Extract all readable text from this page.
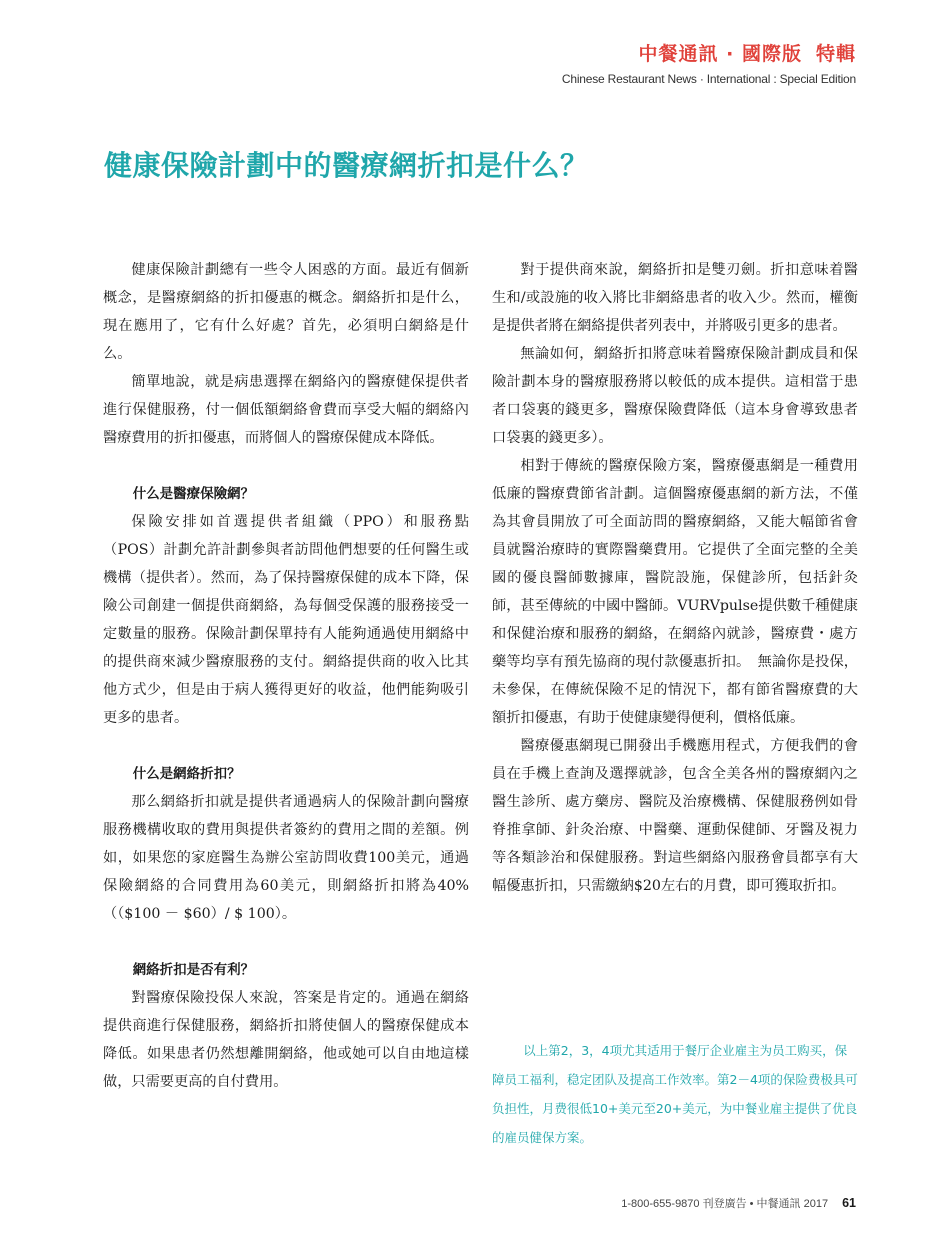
中餐通訊 · 國際版 特輯
Chinese Restaurant News · International : Special Edition
健康保險計劃中的醫療網折扣是什么？

健康保險計劃總有一些令人困惑的方面。最近有個新概念，是醫療網絡的折扣優惠的概念。網絡折扣是什么，現在應用了，它有什么好處？首先，必須明白網絡是什么。

簡單地說，就是病患選擇在網絡內的醫療健保提供者進行保健服務，付一個低額網絡會費而享受大幅的網絡內醫療費用的折扣優惠，而將個人的醫療保健成本降低。

什么是醫療保險網？

保險安排如首選提供者組織（PPO）和服務點（POS）計劃允許計劃參與者訪問他們想要的任何醫生或機構（提供者）。然而，為了保持醫療保健的成本下降，保險公司創建一個提供商網絡，為每個受保護的服務接受一定數量的服務。保險計劃保單持有人能夠通過使用網絡中的提供商來減少醫療服務的支付。網絡提供商的收入比其他方式少，但是由于病人獲得更好的收益，他們能夠吸引更多的患者。

什么是網絡折扣？

那么網絡折扣就是提供者通過病人的保險計劃向醫療服務機構收取的費用與提供者簽約的費用之間的差額。例如，如果您的家庭醫生為辦公室訪問收費100美元，通過保險網絡的合同費用為60美元，則網絡折扣將為40%（（$100 － $60）/ $ 100）。

網絡折扣是否有利？

對醫療保險投保人來說，答案是肯定的。通過在網絡提供商進行保健服務，網絡折扣將使個人的醫療保健成本降低。如果患者仍然想離開網絡，他或她可以自由地這樣做，只需要更高的自付費用。

對于提供商來說，網絡折扣是雙刃劍。折扣意味着醫生和/或設施的收入將比非網絡患者的收入少。然而，權衡是提供者將在網絡提供者列表中，并將吸引更多的患者。

無論如何，網絡折扣將意味着醫療保險計劃成員和保險計劃本身的醫療服務將以較低的成本提供。這相當于患者口袋裏的錢更多，醫療保險費降低（這本身會導致患者口袋裏的錢更多）。

相對于傳統的醫療保險方案，醫療優惠網是一種費用低廉的醫療費節省計劃。這個醫療優惠網的新方法，不僅為其會員開放了可全面訪問的醫療網絡，又能大幅節省會員就醫治療時的實際醫藥費用。它提供了全面完整的全美國的優良醫師數據庫，醫院設施，保健診所，包括針灸師，甚至傳統的中國中醫師。VURVpulse提供數千種健康和保健治療和服務的網絡，在網絡內就診，醫療費・處方藥等均享有預先協商的現付款優惠折扣。　無論你是投保，未參保，在傳統保險不足的情況下，都有節省醫療費的大額折扣優惠，有助于使健康變得便利，價格低廉。

醫療優惠網現已開發出手機應用程式，方便我們的會員在手機上查詢及選擇就診，包含全美各州的醫療網內之醫生診所、處方藥房、醫院及治療機構、保健服務例如骨脊推拿師、針灸治療、中醫藥、運動保健師、牙醫及視力等各類診治和保健服務。對這些網絡內服務會員都享有大幅優惠折扣，只需繳納$20左右的月費，即可獲取折扣。

以上第2，3，4项尤其适用于餐厅企业雇主为员工购买，保障员工福利，稳定团队及提高工作效率。第2－4项的保险费极具可负担性，月费很低10+美元至20+美元，为中餐业雇主提供了优良的雇员健保方案。

1-800-655-9870 刊登廣告 • 中餐通訊 2017 61
